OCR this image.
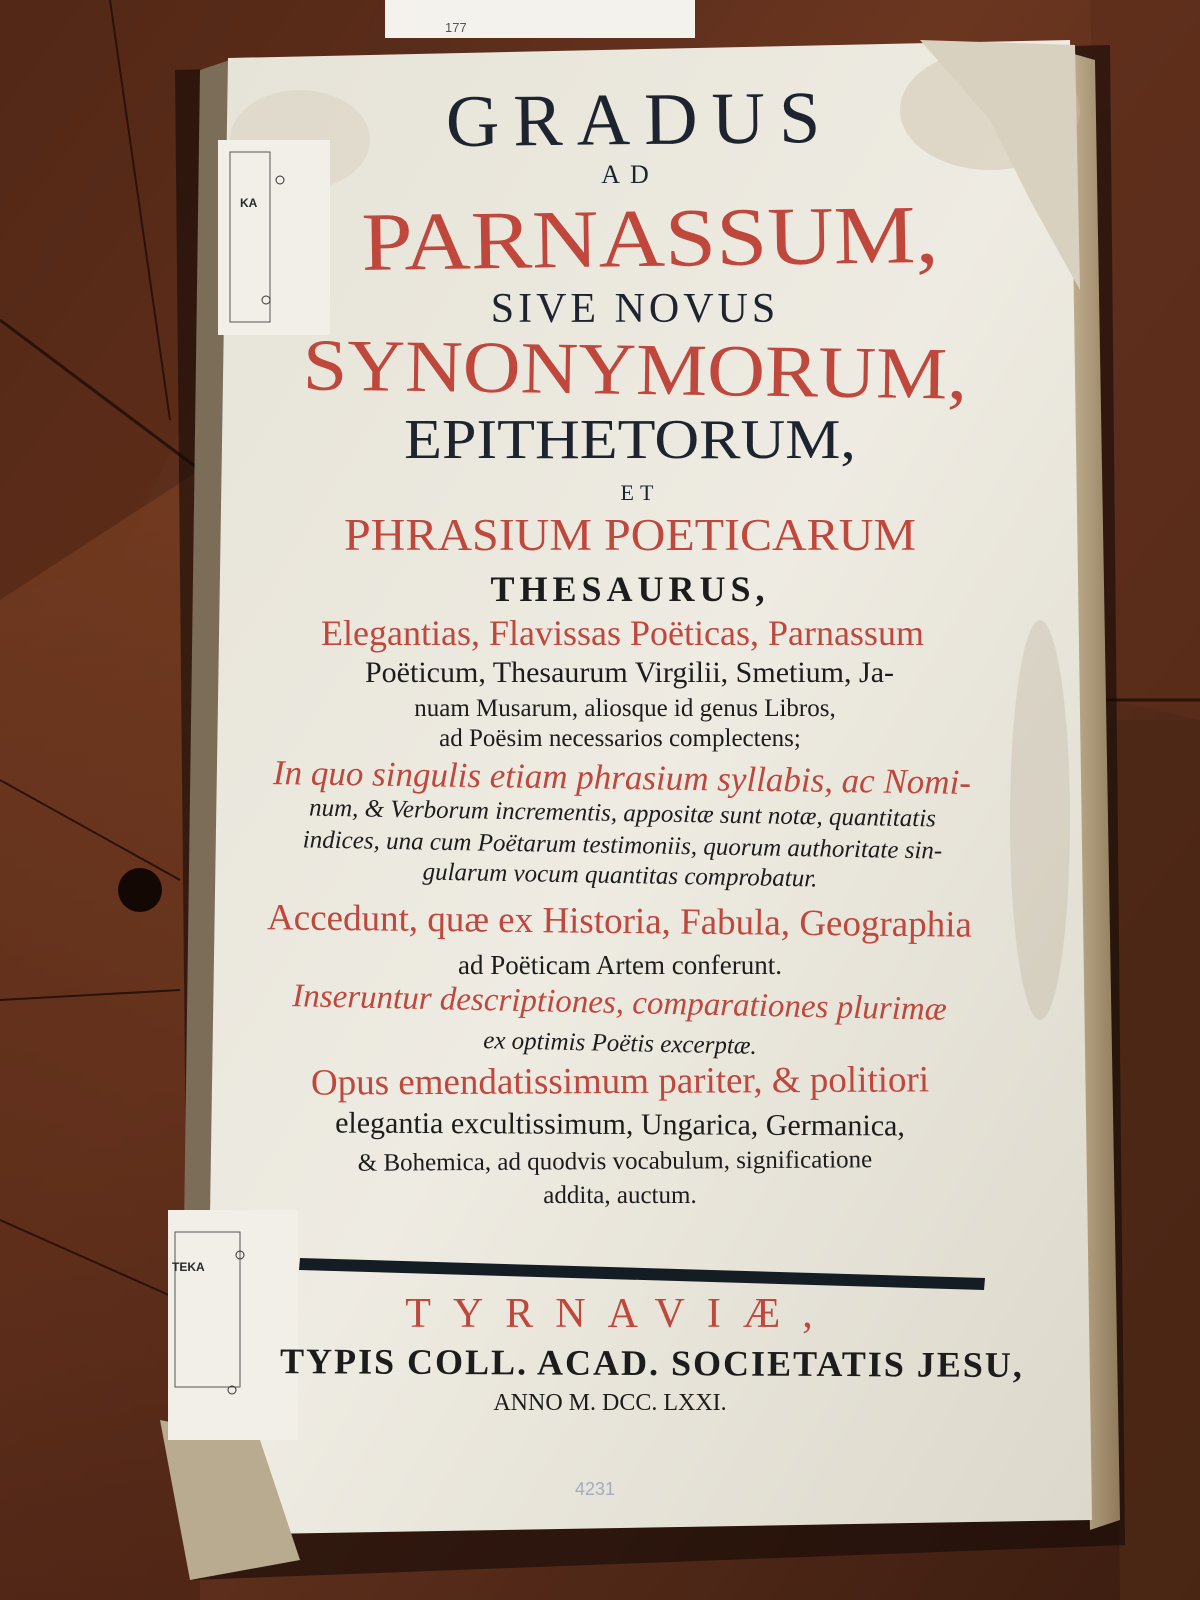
4231
177
KA
TEKA
GRADUS
AD
PARNASSUM,
SIVE NOVUS
SYNONYMORUM,
EPITHETORUM,
ET
PHRASIUM POETICARUM
THESAURUS,
Elegantias, Flavissas Poëticas, Parnassum
Poëticum, Thesaurum Virgilii, Smetium, Ja-
nuam Musarum, aliosque id genus Libros,
ad Poësim necessarios complectens;
In quo singulis etiam phrasium syllabis, ac Nomi-
num, & Verborum incrementis, appositæ sunt notæ, quantitatis
indices, una cum Poëtarum testimoniis, quorum authoritate sin-
gularum vocum quantitas comprobatur.
Accedunt, quæ ex Historia, Fabula, Geographia
ad Poëticam Artem conferunt.
Inseruntur descriptiones, comparationes plurimæ
ex optimis Poëtis excerptæ.
Opus emendatissimum pariter, & politiori
elegantia excultissimum, Ungarica, Germanica,
& Bohemica, ad quodvis vocabulum, significatione
addita, auctum.
TYRNAVIÆ,
TYPIS COLL. ACAD. SOCIETATIS JESU,
ANNO M. DCC. LXXI.
